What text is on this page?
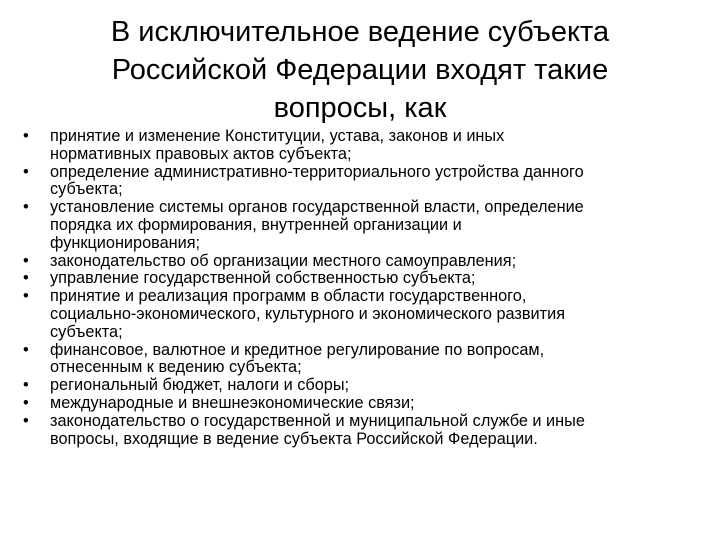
В исключительное ведение субъекта
Российской Федерации входят такие
вопросы, как
• принятие и изменение Конституции, устава, законов и иных
нормативных правовых актов субъекта;
• определение административно-территориального устройства данного
субъекта;
• установление системы органов государственной власти, определение
порядка их формирования, внутренней организации и
функционирования;
• законодательство об организации местного самоуправления;
• управление государственной собственностью субъекта;
• принятие и реализация программ в области государственного,
социально-экономического, культурного и экономического развития
субъекта;
• финансовое, валютное и кредитное регулирование по вопросам,
отнесенным к ведению субъекта;
• региональный бюджет, налоги и сборы;
• международные и внешнеэкономические связи;
• законодательство о государственной и муниципальной службе и иные
вопросы, входящие в ведение субъекта Российской Федерации.
